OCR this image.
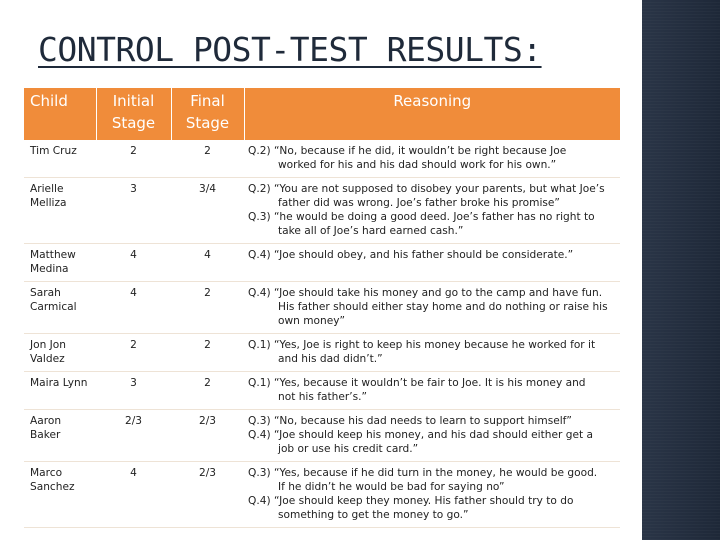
CONTROL POST-TEST RESULTS:
Child	Initial Stage	Final Stage	Reasoning
Tim Cruz	2	2	Q.2) “No, because if he did, it wouldn’t be right because Joe
worked for his and his dad should work for his own.”

Arielle Melliza	3	3/4	Q.2) “You are not supposed to disobey your parents, but what Joe’s
father did was wrong. Joe’s father broke his promise”
Q.3) “he would be doing a good deed. Joe’s father has no right to
take all of Joe’s hard earned cash.”

Matthew Medina	4	4	Q.4) “Joe should obey, and his father should be considerate.”

Sarah Carmical	4	2	Q.4) “Joe should take his money and go to the camp and have fun.
His father should either stay home and do nothing or raise his
own money”

Jon Jon Valdez	2	2	Q.1) “Yes, Joe is right to keep his money because he worked for it
and his dad didn’t.”

Maira Lynn	3	2	Q.1) “Yes, because it wouldn’t be fair to Joe. It is his money and
not his father’s.”

Aaron Baker	2/3	2/3	Q.3) “No, because his dad needs to learn to support himself”
Q.4) “Joe should keep his money, and his dad should either get a
job or use his credit card.”

Marco Sanchez	4	2/3	Q.3) “Yes, because if he did turn in the money, he would be good.
If he didn’t he would be bad for saying no”
Q.4) “Joe should keep they money. His father should try to do
something to get the money to go.”
